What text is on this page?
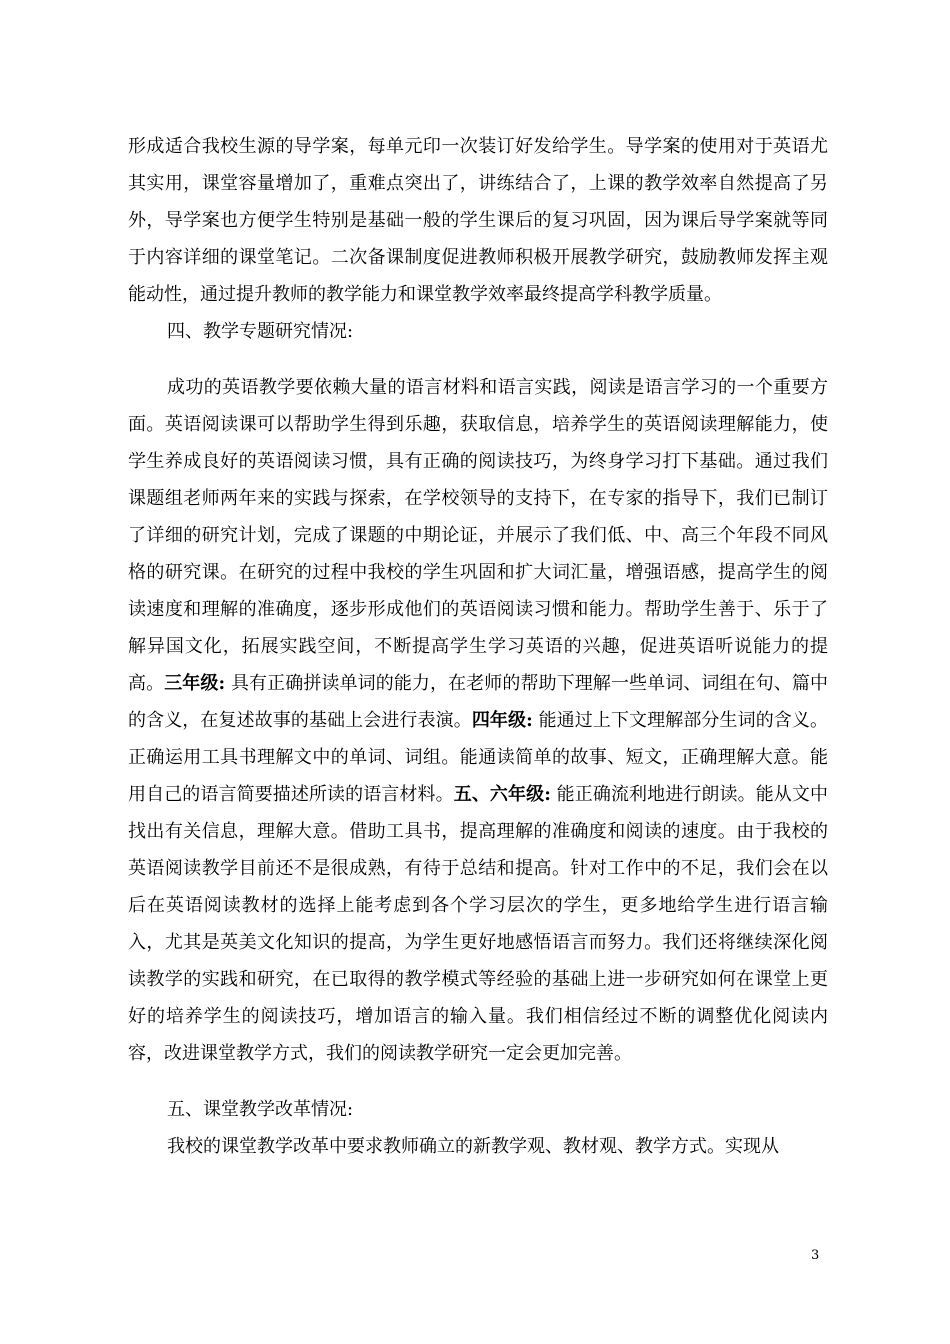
形成适合我校生源的导学案，每单元印一次装订好发给学生。导学案的使用对于英语尤其实用，课堂容量增加了，重难点突出了，讲练结合了，上课的教学效率自然提高了另外，导学案也方便学生特别是基础一般的学生课后的复习巩固，因为课后导学案就等同于内容详细的课堂笔记。二次备课制度促进教师积极开展教学研究，鼓励教师发挥主观能动性，通过提升教师的教学能力和课堂教学效率最终提高学科教学质量。

四、教学专题研究情况:

成功的英语教学要依赖大量的语言材料和语言实践，阅读是语言学习的一个重要方面。英语阅读课可以帮助学生得到乐趣，获取信息，培养学生的英语阅读理解能力，使学生养成良好的英语阅读习惯，具有正确的阅读技巧，为终身学习打下基础。通过我们课题组老师两年来的实践与探索，在学校领导的支持下，在专家的指导下，我们已制订了详细的研究计划，完成了课题的中期论证，并展示了我们低、中、高三个年段不同风格的研究课。在研究的过程中我校的学生巩固和扩大词汇量，增强语感，提高学生的阅读速度和理解的准确度，逐步形成他们的英语阅读习惯和能力。帮助学生善于、乐于了解异国文化，拓展实践空间，不断提高学生学习英语的兴趣，促进英语听说能力的提高。三年级: 具有正确拼读单词的能力，在老师的帮助下理解一些单词、词组在句、篇中的含义，在复述故事的基础上会进行表演。四年级: 能通过上下文理解部分生词的含义。正确运用工具书理解文中的单词、词组。能通读简单的故事、短文，正确理解大意。能用自己的语言简要描述所读的语言材料。五、六年级: 能正确流利地进行朗读。能从文中找出有关信息，理解大意。借助工具书，提高理解的准确度和阅读的速度。由于我校的英语阅读教学目前还不是很成熟，有待于总结和提高。针对工作中的不足，我们会在以后在英语阅读教材的选择上能考虑到各个学习层次的学生，更多地给学生进行语言输入，尤其是英美文化知识的提高，为学生更好地感悟语言而努力。我们还将继续深化阅读教学的实践和研究，在已取得的教学模式等经验的基础上进一步研究如何在课堂上更好的培养学生的阅读技巧，增加语言的输入量。我们相信经过不断的调整优化阅读内容，改进课堂教学方式，我们的阅读教学研究一定会更加完善。

五、课堂教学改革情况:

我校的课堂教学改革中要求教师确立的新教学观、教材观、教学方式。实现从

3
